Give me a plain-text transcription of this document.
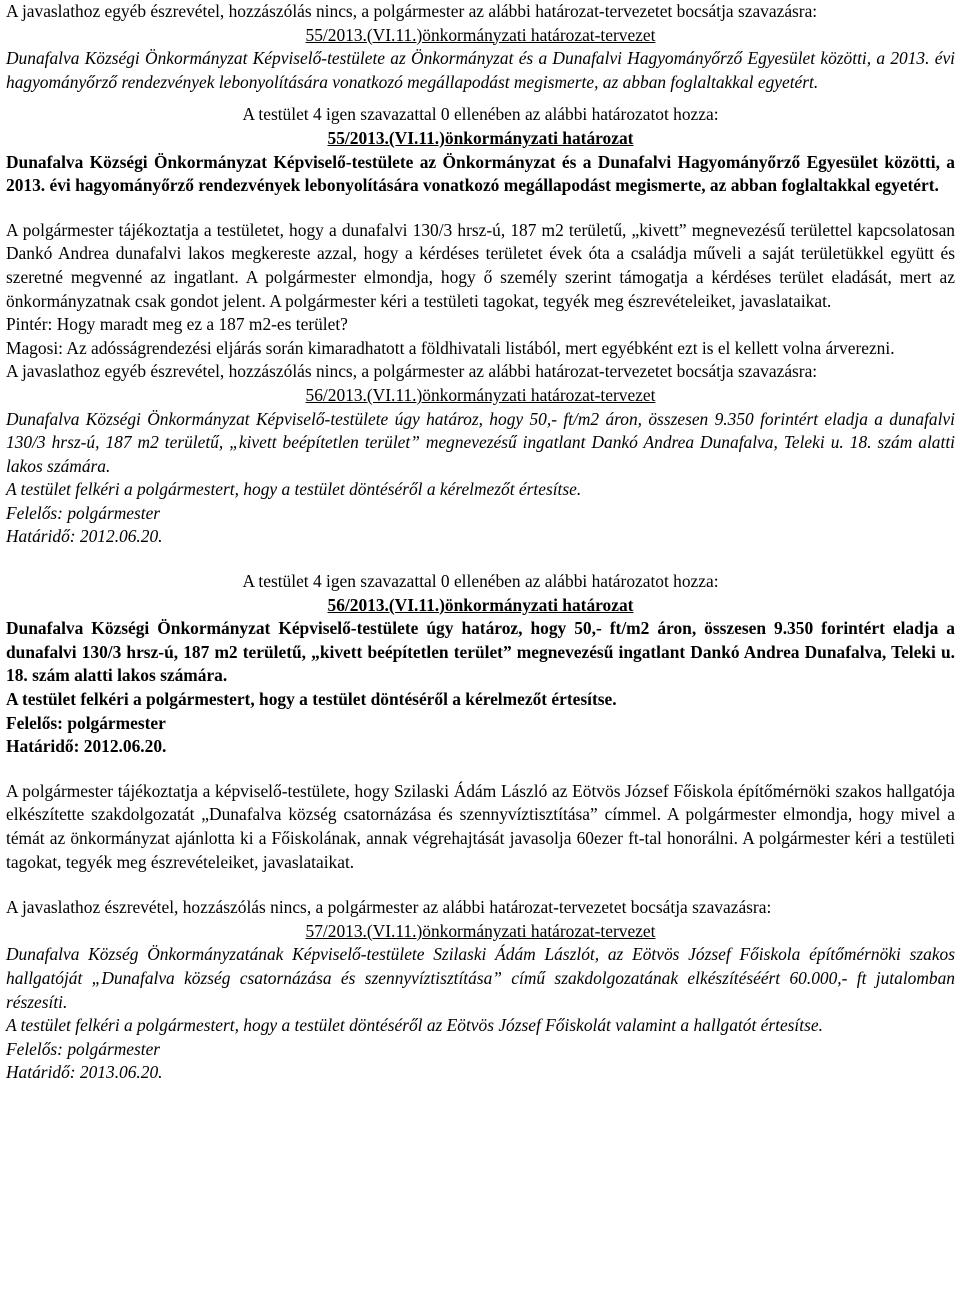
A javaslathoz egyéb észrevétel, hozzászólás nincs, a polgármester az alábbi határozat-tervezetet bocsátja szavazásra:

55/2013.(VI.11.)önkormányzati határozat-tervezet

Dunafalva Községi Önkormányzat Képviselő-testülete az Önkormányzat és a Dunafalvi Hagyományőrző Egyesület közötti, a 2013. évi hagyományőrző rendezvények lebonyolítására vonatkozó megállapodást megismerte, az abban foglaltakkal egyetért.

A testület 4 igen szavazattal 0 ellenében az alábbi határozatot hozza:

55/2013.(VI.11.)önkormányzati határozat

Dunafalva Községi Önkormányzat Képviselő-testülete az Önkormányzat és a Dunafalvi Hagyományőrző Egyesület közötti, a 2013. évi hagyományőrző rendezvények lebonyolítására vonatkozó megállapodást megismerte, az abban foglaltakkal egyetért.

A polgármester tájékoztatja a testületet, hogy a dunafalvi 130/3 hrsz-ú, 187 m2 területű, „kivett” megnevezésű területtel kapcsolatosan Dankó Andrea dunafalvi lakos megkereste azzal, hogy a kérdéses területet évek óta a családja műveli a saját területükkel együtt és szeretné megvenné az ingatlant. A polgármester elmondja, hogy ő személy szerint támogatja a kérdéses terület eladását, mert az önkormányzatnak csak gondot jelent. A polgármester kéri a testületi tagokat, tegyék meg észrevételeiket, javaslataikat.

Pintér: Hogy maradt meg ez a 187 m2-es terület?

Magosi: Az adósságrendezési eljárás során kimaradhatott a földhivatali listából, mert egyébként ezt is el kellett volna árverezni.

A javaslathoz egyéb észrevétel, hozzászólás nincs, a polgármester az alábbi határozat-tervezetet bocsátja szavazásra:

56/2013.(VI.11.)önkormányzati határozat-tervezet

Dunafalva Községi Önkormányzat Képviselő-testülete úgy határoz, hogy 50,- ft/m2 áron, összesen 9.350 forintért eladja a dunafalvi 130/3 hrsz-ú, 187 m2 területű, „kivett beépítetlen terület” megnevezésű ingatlant Dankó Andrea Dunafalva, Teleki u. 18. szám alatti lakos számára.

A testület felkéri a polgármestert, hogy a testület döntéséről a kérelmezőt értesítse.

Felelős: polgármester

Határidő: 2012.06.20.

A testület 4 igen szavazattal 0 ellenében az alábbi határozatot hozza:

56/2013.(VI.11.)önkormányzati határozat

Dunafalva Községi Önkormányzat Képviselő-testülete úgy határoz, hogy 50,- ft/m2 áron, összesen 9.350 forintért eladja a dunafalvi 130/3 hrsz-ú, 187 m2 területű, „kivett beépítetlen terület” megnevezésű ingatlant Dankó Andrea Dunafalva, Teleki u. 18. szám alatti lakos számára.

A testület felkéri a polgármestert, hogy a testület döntéséről a kérelmezőt értesítse.

Felelős: polgármester

Határidő: 2012.06.20.

A polgármester tájékoztatja a képviselő-testülete, hogy Szilaski Ádám László az Eötvös József Főiskola építőmérnöki szakos hallgatója elkészítette szakdolgozatát „Dunafalva község csatornázása és szennyvíztisztítása” címmel. A polgármester elmondja, hogy mivel a témát az önkormányzat ajánlotta ki a Főiskolának, annak végrehajtását javasolja 60ezer ft-tal honorálni. A polgármester kéri a testületi tagokat, tegyék meg észrevételeiket, javaslataikat.

A javaslathoz észrevétel, hozzászólás nincs, a polgármester az alábbi határozat-tervezetet bocsátja szavazásra:

57/2013.(VI.11.)önkormányzati határozat-tervezet

Dunafalva Község Önkormányzatának Képviselő-testülete Szilaski Ádám Lászlót, az Eötvös József Főiskola építőmérnöki szakos hallgatóját „Dunafalva község csatornázása és szennyvíztisztítása” című szakdolgozatának elkészítéséért 60.000,- ft jutalomban részesíti.

A testület felkéri a polgármestert, hogy a testület döntéséről az Eötvös József Főiskolát valamint a hallgatót értesítse.

Felelős: polgármester

Határidő: 2013.06.20.
